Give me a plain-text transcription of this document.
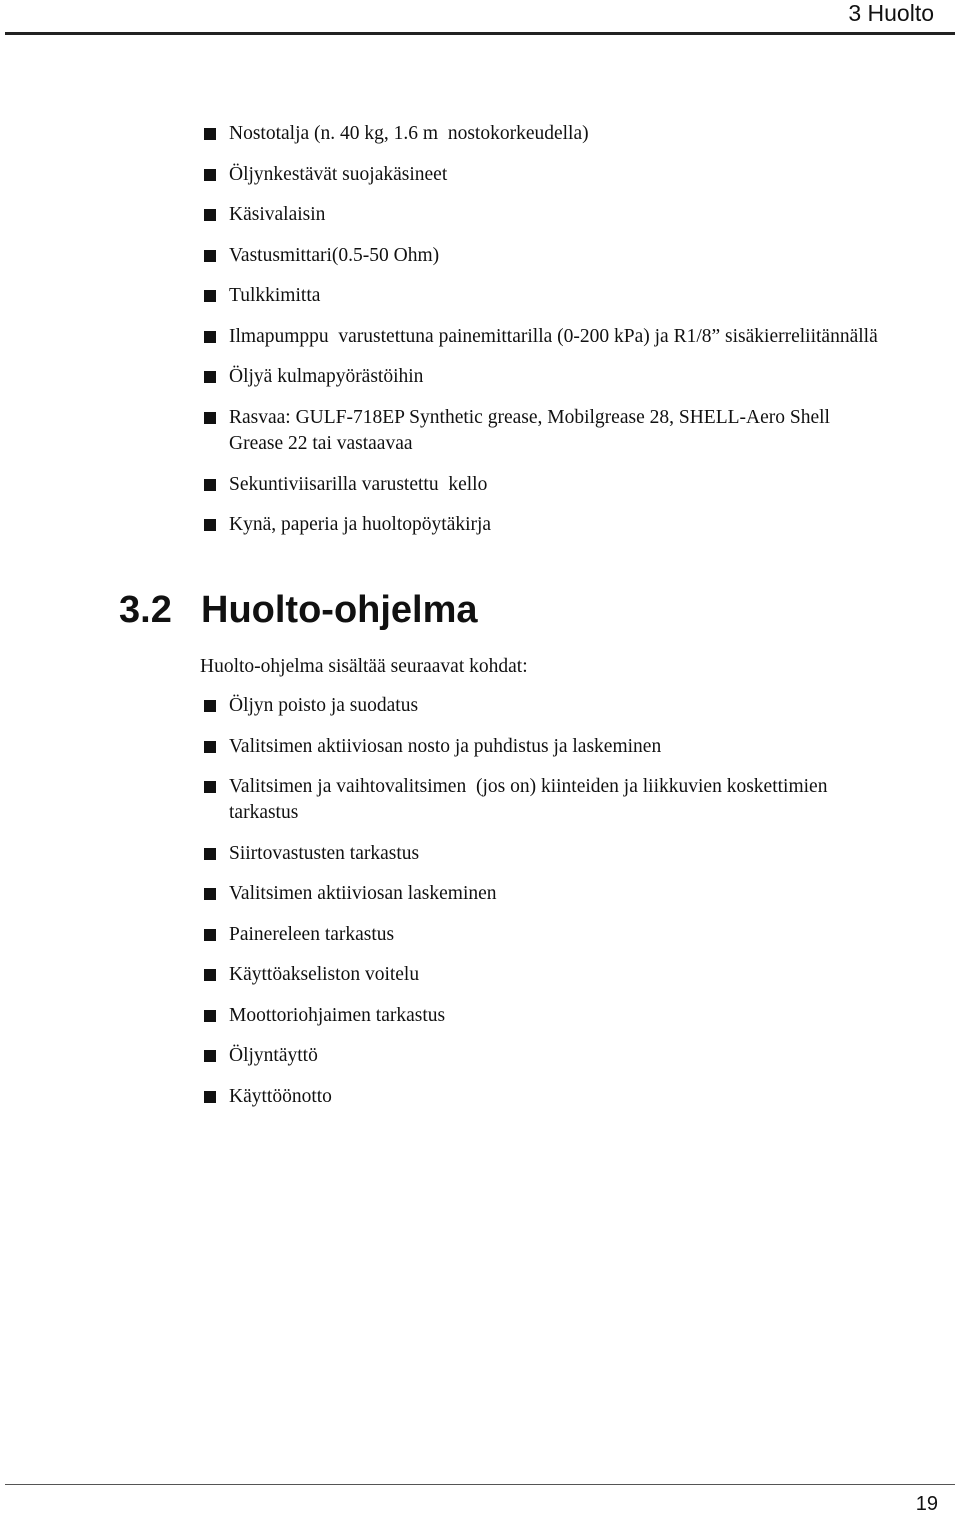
3 Huolto
Nostotalja (n. 40 kg, 1.6 m  nostokorkeudella)
Öljynkestävät suojakäsineet
Käsivalaisin
Vastusmittari(0.5-50 Ohm)
Tulkkimitta
Ilmapumppu  varustettuna painemittarilla (0-200 kPa) ja R1/8” sisäkierreliitännällä
Öljyä kulmapyörästöihin
Rasvaa: GULF-718EP Synthetic grease, Mobilgrease 28, SHELL-Aero Shell
Grease 22 tai vastaavaa
Sekuntiviisarilla varustettu  kello
Kynä, paperia ja huoltopöytäkirja
3.2 Huolto-ohjelma
Huolto-ohjelma sisältää seuraavat kohdat:
Öljyn poisto ja suodatus
Valitsimen aktiiviosan nosto ja puhdistus ja laskeminen
Valitsimen ja vaihtovalitsimen  (jos on) kiinteiden ja liikkuvien koskettimien
tarkastus
Siirtovastusten tarkastus
Valitsimen aktiiviosan laskeminen
Painereleen tarkastus
Käyttöakseliston voitelu
Moottoriohjaimen tarkastus
Öljyntäyttö
Käyttöönotto
19
